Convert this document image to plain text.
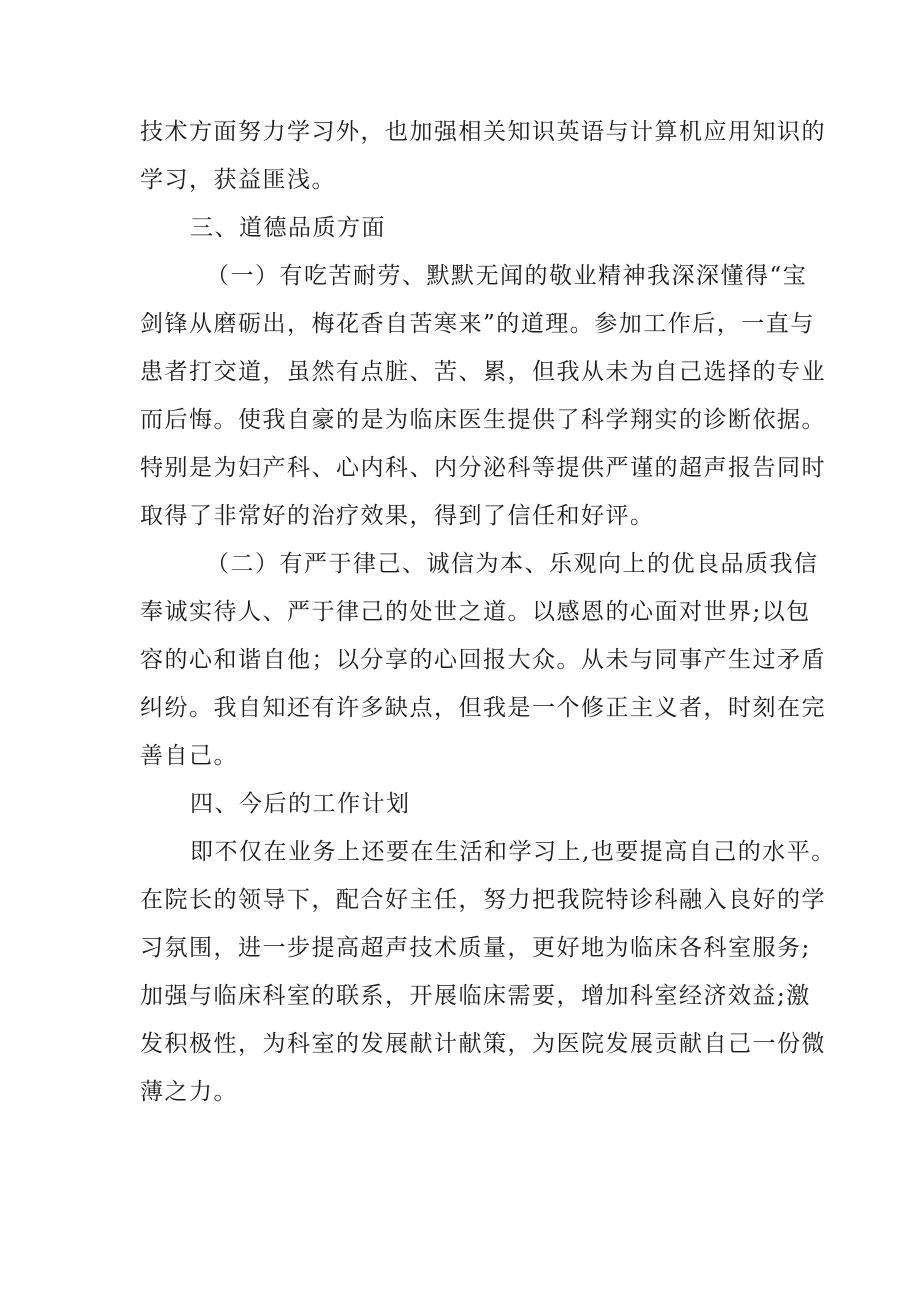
技术方面努力学习外，也加强相关知识英语与计算机应用知识的
学习，获益匪浅。

三、道德品质方面

（一）有吃苦耐劳、默默无闻的敬业精神我深深懂得“宝
剑锋从磨砺出，梅花香自苦寒来”的道理。参加工作后，一直与
患者打交道，虽然有点脏、苦、累，但我从未为自己选择的专业
而后悔。使我自豪的是为临床医生提供了科学翔实的诊断依据。
特别是为妇产科、心内科、内分泌科等提供严谨的超声报告同时
取得了非常好的治疗效果，得到了信任和好评。

（二）有严于律己、诚信为本、乐观向上的优良品质我信
奉诚实待人、严于律己的处世之道。以感恩的心面对世界;以包
容的心和谐自他；以分享的心回报大众。从未与同事产生过矛盾
纠纷。我自知还有许多缺点，但我是一个修正主义者，时刻在完
善自己。

四、今后的工作计划

即不仅在业务上还要在生活和学习上,也要提高自己的水平。
在院长的领导下，配合好主任，努力把我院特诊科融入良好的学
习氛围，进一步提高超声技术质量，更好地为临床各科室服务;
加强与临床科室的联系，开展临床需要，增加科室经济效益;激
发积极性，为科室的发展献计献策，为医院发展贡献自己一份微
薄之力。
